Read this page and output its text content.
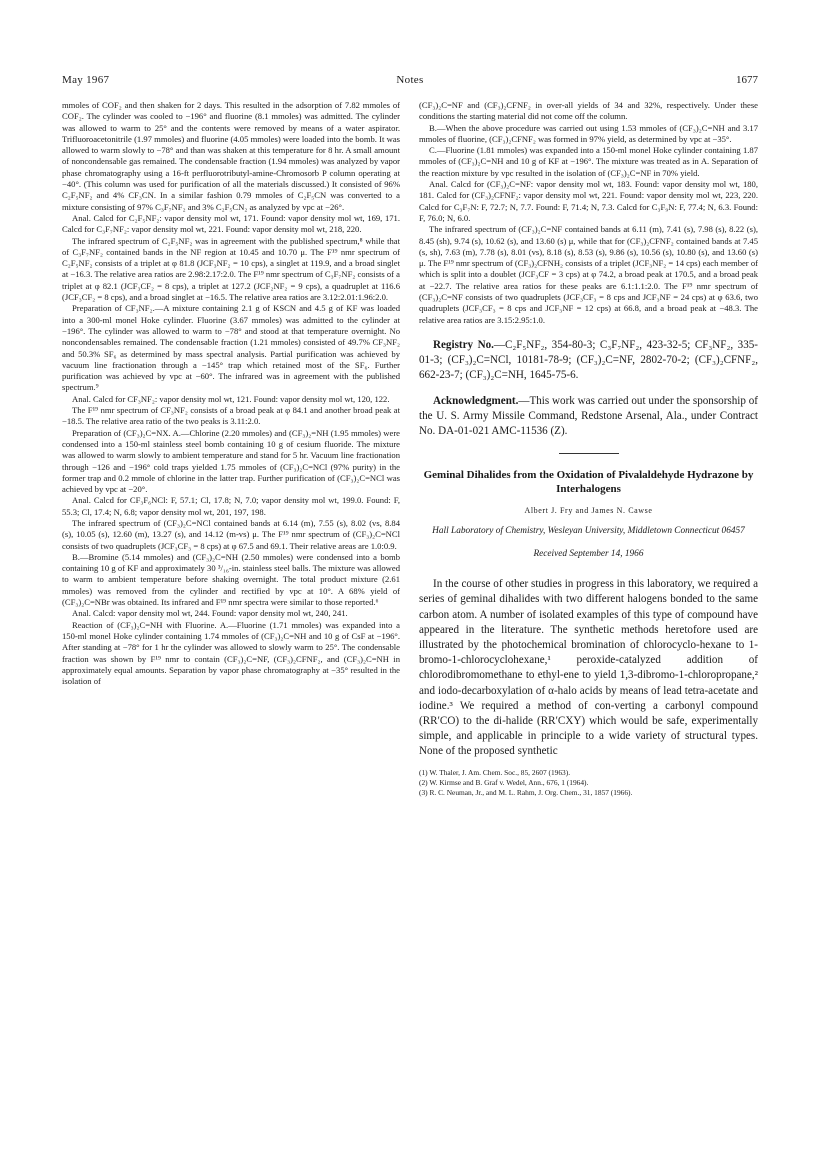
May 1967	Notes	1677

mmoles of COF₂ and then shaken for 2 days. This resulted in the adsorption of 7.82 mmoles of COF₂. The cylinder was cooled to −196° and fluorine (8.1 mmoles) was admitted. The cylinder was allowed to warm to 25° and the contents were removed by means of a water aspirator. Trifluoroacetonitrile (1.97 mmoles) and fluorine (4.05 mmoles) were loaded into the bomb. It was allowed to warm slowly to −78° and than was shaken at this temperature for 8 hr. A small amount of noncondensable gas remained. The condensable fraction (1.94 mmoles) was analyzed by vapor phase chromatography using a 16-ft perfluorotributyl-amine-Chromosorb P column operating at −40°. (This column was used for purification of all the materials discussed.) It consisted of 96% C₂F₅NF₂ and 4% CF₃CN. In a similar fashion 0.79 mmoles of C₂F₅CN was converted to a mixture consisting of 97% C₃F₇NF₂ and 3% C₂F₅CN₂ as analyzed by vpc at −26°.

Anal. Calcd for C₂F₅NF₂: vapor density mol wt, 171. Found: vapor density mol wt, 169, 171. Calcd for C₃F₇NF₂: vapor density mol wt, 221. Found: vapor density mol wt, 218, 220.

The infrared spectrum of C₂F₅NF₂ was in agreement with the published spectrum,⁸ while that of C₃F₇NF₂ contained bands in the NF region at 10.45 and 10.70 μ. The F¹⁹ nmr spectrum of C₂F₅NF₂ consists of a triplet at φ 81.8 (JCF₃NF₂ = 10 cps), a singlet at 119.9, and a broad singlet at −16.3. The relative area ratios are 2.98:2.17:2.0. The F¹⁹ nmr spectrum of C₃F₇NF₂ consists of a triplet at φ 82.1 (JCF₃CF₂ = 8 cps), a triplet at 127.2 (JCF₂NF₂ = 9 cps), a quadruplet at 116.6 (JCF₃CF₂ = 8 cps), and a broad singlet at −16.5. The relative area ratios are 3.12:2.01:1.96:2.0.

Preparation of CF₃NF₂.—A mixture containing 2.1 g of KSCN and 4.5 g of KF was loaded into a 300-ml monel Hoke cylinder. Fluorine (3.67 mmoles) was admitted to the cylinder at −196°. The cylinder was allowed to warm to −78° and stood at that temperature overnight. No noncondensables remained. The condensable fraction (1.21 mmoles) consisted of 49.7% CF₃NF₂ and 50.3% SF₆ as determined by mass spectral analysis. Partial purification was achieved by vacuum line fractionation through a −145° trap which retained most of the SF₆. Further purification was achieved by vpc at −60°. The infrared was in agreement with the published spectrum.⁹

Anal. Calcd for CF₃NF₂: vapor density mol wt, 121. Found: vapor density mol wt, 120, 122.

The F¹⁹ nmr spectrum of CF₃NF₂ consists of a broad peak at φ 84.1 and another broad peak at −18.5. The relative area ratio of the two peaks is 3.11:2.0.

Preparation of (CF₃)₂C=NX. A.—Chlorine (2.20 mmoles) and (CF₃)₂=NH (1.95 mmoles) were condensed into a 150-ml stainless steel bomb containing 10 g of cesium fluoride. The mixture was allowed to warm slowly to ambient temperature and stand for 5 hr. Vacuum line fractionation through −126 and −196° cold traps yielded 1.75 mmoles of (CF₃)₂C=NCl (97% purity) in the former trap and 0.2 mmole of chlorine in the latter trap. Further purification of (CF₃)₂C=NCl was achieved by vpc at −20°.

Anal. Calcd for CF₃F₆NCl: F, 57.1; Cl, 17.8; N, 7.0; vapor density mol wt, 199.0. Found: F, 55.3; Cl, 17.4; N, 6.8; vapor density mol wt, 201, 197, 198.

The infrared spectrum of (CF₃)₂C=NCl contained bands at 6.14 (m), 7.55 (s), 8.02 (vs, 8.84 (s), 10.05 (s), 12.60 (m), 13.27 (s), and 14.12 (m-vs) μ. The F¹⁹ nmr spectrum of (CF₃)₂C=NCl consists of two quadruplets (JCF₃CF₃ = 8 cps) at φ 67.5 and 69.1. Their relative areas are 1.0:0.9.

B.—Bromine (5.14 mmoles) and (CF₃)₂C=NH (2.50 mmoles) were condensed into a bomb containing 10 g of KF and approximately 30 ³/₁₆-in. stainless steel balls. The mixture was allowed to warm to ambient temperature before shaking overnight. The total product mixture (2.61 mmoles) was removed from the cylinder and rectified by vpc at 10°. A 68% yield of (CF₃)₂C=NBr was obtained. Its infrared and F¹⁹ nmr spectra were similar to those reported.⁶

Anal. Calcd: vapor density mol wt, 244. Found: vapor density mol wt, 240, 241.

Reaction of (CF₃)₂C=NH with Fluorine. A.—Fluorine (1.71 mmoles) was expanded into a 150-ml monel Hoke cylinder containing 1.74 mmoles of (CF₃)₂C=NH and 10 g of CsF at −196°. After standing at −78° for 1 hr the cylinder was allowed to slowly warm to 25°. The condensable fraction was shown by F¹⁹ nmr to contain (CF₃)₂C=NF, (CF₃)₂CFNF₂, and (CF₃)₂C=NH in approximately equal amounts. Separation by vapor phase chromatography at −35° resulted in the isolation of

(CF₃)₂C=NF and (CF₃)₂CFNF₂ in over-all yields of 34 and 32%, respectively. Under these conditions the starting material did not come off the column.

B.—When the above procedure was carried out using 1.53 mmoles of (CF₃)₂C=NH and 3.17 mmoles of fluorine, (CF₃)₂CFNF₂ was formed in 97% yield, as determined by vpc at −35°.

C.—Fluorine (1.81 mmoles) was expanded into a 150-ml monel Hoke cylinder containing 1.87 mmoles of (CF₃)₂C=NH and 10 g of KF at −196°. The mixture was treated as in A. Separation of the reaction mixture by vpc resulted in the isolation of (CF₃)₂C=NF in 70% yield.

Anal. Calcd for (CF₃)₂C=NF: vapor density mol wt, 183. Found: vapor density mol wt, 180, 181. Calcd for (CF₃)₂CFNF₂: vapor density mol wt, 221. Found: vapor density mol wt, 223, 220. Calcd for C₃F₇N: F, 72.7; N, 7.7. Found: F, 71.4; N, 7.3. Calcd for C₃F₉N: F, 77.4; N, 6.3. Found: F, 76.0; N, 6.0.

The infrared spectrum of (CF₃)₂C=NF contained bands at 6.11 (m), 7.41 (s), 7.98 (s), 8.22 (s), 8.45 (sh), 9.74 (s), 10.62 (s), and 13.60 (s) μ, while that for (CF₃)₂CFNF₂ contained bands at 7.45 (s, sh), 7.63 (m), 7.78 (s), 8.01 (vs), 8.18 (s), 8.53 (s), 9.86 (s), 10.56 (s), 10.80 (s), and 13.60 (s) μ. The F¹⁹ nmr spectrum of (CF₃)₂CFNH₂ consists of a triplet (JCF₃NF₂ = 14 cps) each member of which is split into a doublet (JCF₃CF = 3 cps) at φ 74.2, a broad peak at 170.5, and a broad peak at −22.7. The relative area ratios for these peaks are 6.1:1.1:2.0. The F¹⁹ nmr spectrum of (CF₃)₂C=NF consists of two quadruplets (JCF₃CF₃ = 8 cps and JCF₃NF = 24 cps) at φ 63.6, two quadruplets (JCF₃CF₃ = 8 cps and JCF₃NF = 12 cps) at 66.8, and a broad peak at −48.3. The relative area ratios are 3.15:2.95:1.0.

Registry No.—C₂F₅NF₂, 354-80-3; C₃F₇NF₂, 423-32-5; CF₃NF₂, 335-01-3; (CF₃)₂C=NCl, 10181-78-9; (CF₃)₂C=NF, 2802-70-2; (CF₃)₂CFNF₂, 662-23-7; (CF₃)₂C=NH, 1645-75-6.

Acknowledgment.—This work was carried out under the sponsorship of the U. S. Army Missile Command, Redstone Arsenal, Ala., under Contract No. DA-01-021 AMC-11536 (Z).

Geminal Dihalides from the Oxidation of Pivalaldehyde Hydrazone by Interhalogens
Albert J. Fry and James N. Cawse
Hall Laboratory of Chemistry, Wesleyan University, Middletown Connecticut 06457
Received September 14, 1966

In the course of other studies in progress in this laboratory, we required a series of geminal dihalides with two different halogens bonded to the same carbon atom. A number of isolated examples of this type of compound have appeared in the literature. The synthetic methods heretofore used are illustrated by the photochemical bromination of chlorocyclo-hexane to 1-bromo-1-chlorocyclohexane,¹ peroxide-catalyzed addition of chlorodibromomethane to ethyl-ene to yield 1,3-dibromo-1-chloropropane,² and iodo-decarboxylation of α-halo acids by means of lead tetra-acetate and iodine.³ We required a method of con-verting a carbonyl compound (RR′CO) to the di-halide (RR′CXY) which would be safe, experimentally simple, and applicable in principle to a wide variety of structural types. None of the proposed synthetic

(1) W. Thaler, J. Am. Chem. Soc., 85, 2607 (1963).
(2) W. Kirmse and B. Graf v. Wedel, Ann., 676, 1 (1964).
(3) R. C. Neuman, Jr., and M. L. Rahm, J. Org. Chem., 31, 1857 (1966).
